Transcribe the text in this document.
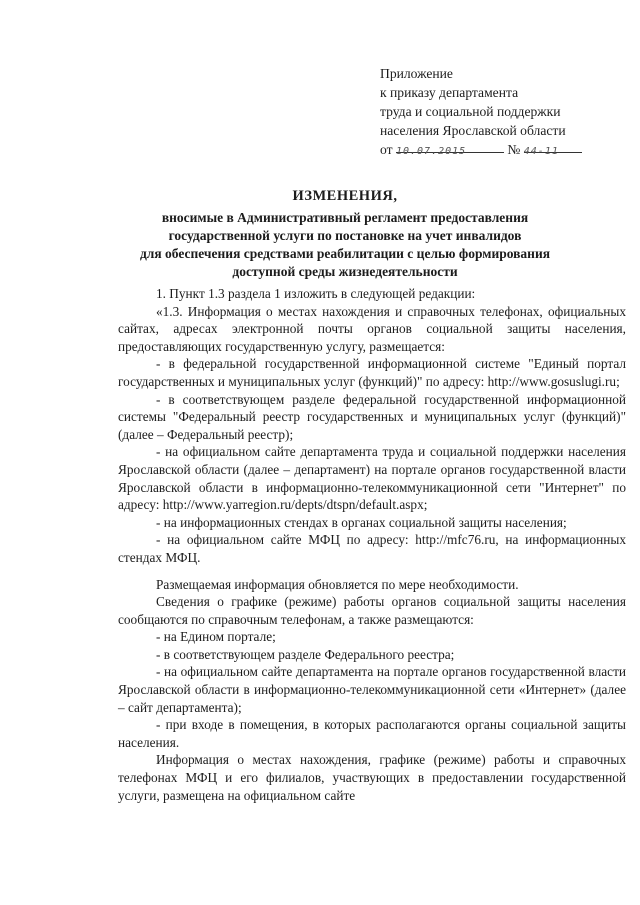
Приложение
к приказу департамента
труда и социальной поддержки
населения Ярославской области
от 10.07.2015	№ 44-11
ИЗМЕНЕНИЯ,
вносимые в Административный регламент предоставления
государственной услуги по постановке на учет инвалидов
для обеспечения средствами реабилитации с целью формирования
доступной среды жизнедеятельности

1. Пункт 1.3 раздела 1 изложить в следующей редакции:

«1.3. Информация о местах нахождения и справочных телефонах, официальных сайтах, адресах электронной почты органов социальной защиты населения, предоставляющих государственную услугу, размещается:

- в федеральной государственной информационной системе "Единый портал государственных и муниципальных услуг (функций)" по адресу: http://www.gosuslugi.ru;

- в соответствующем разделе федеральной государственной информационной системы "Федеральный реестр государственных и муниципальных услуг (функций)" (далее – Федеральный реестр);

- на официальном сайте департамента труда и социальной поддержки населения Ярославской области (далее – департамент) на портале органов государственной власти Ярославской области в информационно-телекоммуникационной сети "Интернет" по адресу: http://www.yarregion.ru/depts/dtspn/default.aspx;

- на информационных стендах в органах социальной защиты населения;

- на официальном сайте МФЦ по адресу: http://mfc76.ru, на информационных стендах МФЦ.

Размещаемая информация обновляется по мере необходимости.

Сведения о графике (режиме) работы органов социальной защиты населения сообщаются по справочным телефонам, а также размещаются:

- на Едином портале;

- в соответствующем разделе Федерального реестра;

- на официальном сайте департамента на портале органов государственной власти Ярославской области в информационно-телекоммуникационной сети «Интернет» (далее – сайт департамента);

- при входе в помещения, в которых располагаются органы социальной защиты населения.

Информация о местах нахождения, графике (режиме) работы и справочных телефонах МФЦ и его филиалов, участвующих в предоставлении государственной услуги, размещена на официальном сайте
